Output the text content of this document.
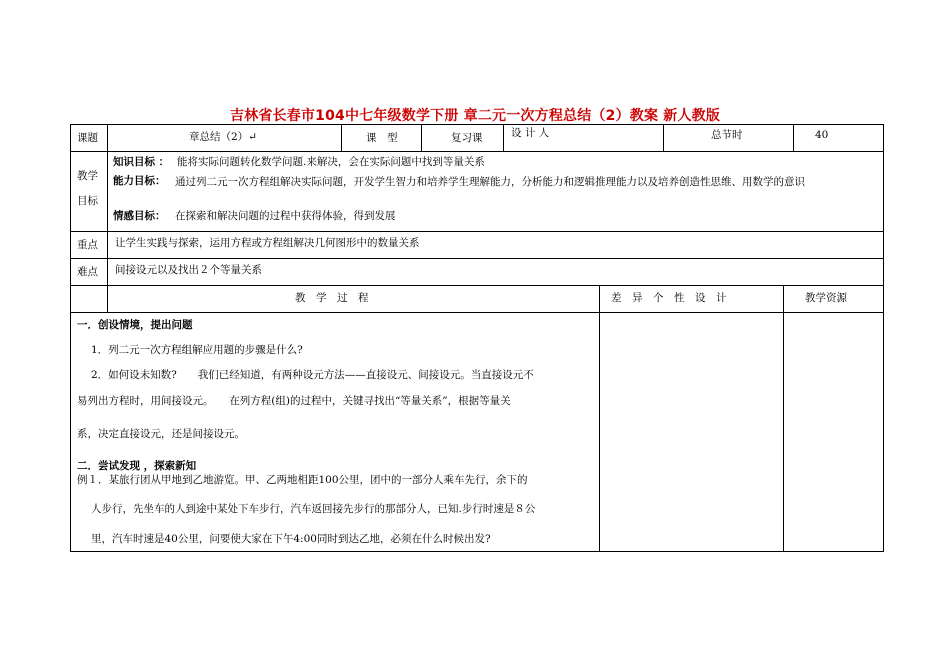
吉林省长春市104中七年级数学下册 章二元一次方程总结（2）教案 新人教版
课题	章总结（2）↵	课　型	复习课	设 计 人	总节时	40
教学
目标
知识目标 ： 能将实际问题转化数学问题.来解决，会在实际问题中找到等量关系
能力目标： 通过列二元一次方程组解决实际问题，开发学生智力和培养学生理解能力，分析能力和逻辑推理能力以及培养创造性思维、用数学的意识
情感目标： 在探索和解决问题的过程中获得体验，得到发展
重点 让学生实践与探索，运用方程或方程组解决几何图形中的数量关系
难点 间接设元以及找出２个等量关系
教　学　过　程	差　异　个　性　设　计	教学资源
一．创设情境，提出问题
1．列二元一次方程组解应用题的步骤是什么?
2．如何设未知数?　　我们已经知道，有两种设元方法——直接设元、间接设元。当直接设元不
易列出方程时，用间接设元。　　在列方程(组)的过程中，关键寻找出“等量关系”，根据等量关
系，决定直接设元，还是间接设元。
二．尝试发现 ，探索新知
例１．某旅行团从甲地到乙地游览。甲、乙两地相距100公里，团中的一部分人乘车先行，余下的
人步行，先坐车的人到途中某处下车步行，汽车返回接先步行的那部分人，已知.步行时速是８公
里，汽车时速是40公里，问要使大家在下午4:00同时到达乙地，必须在什么时候出发?
